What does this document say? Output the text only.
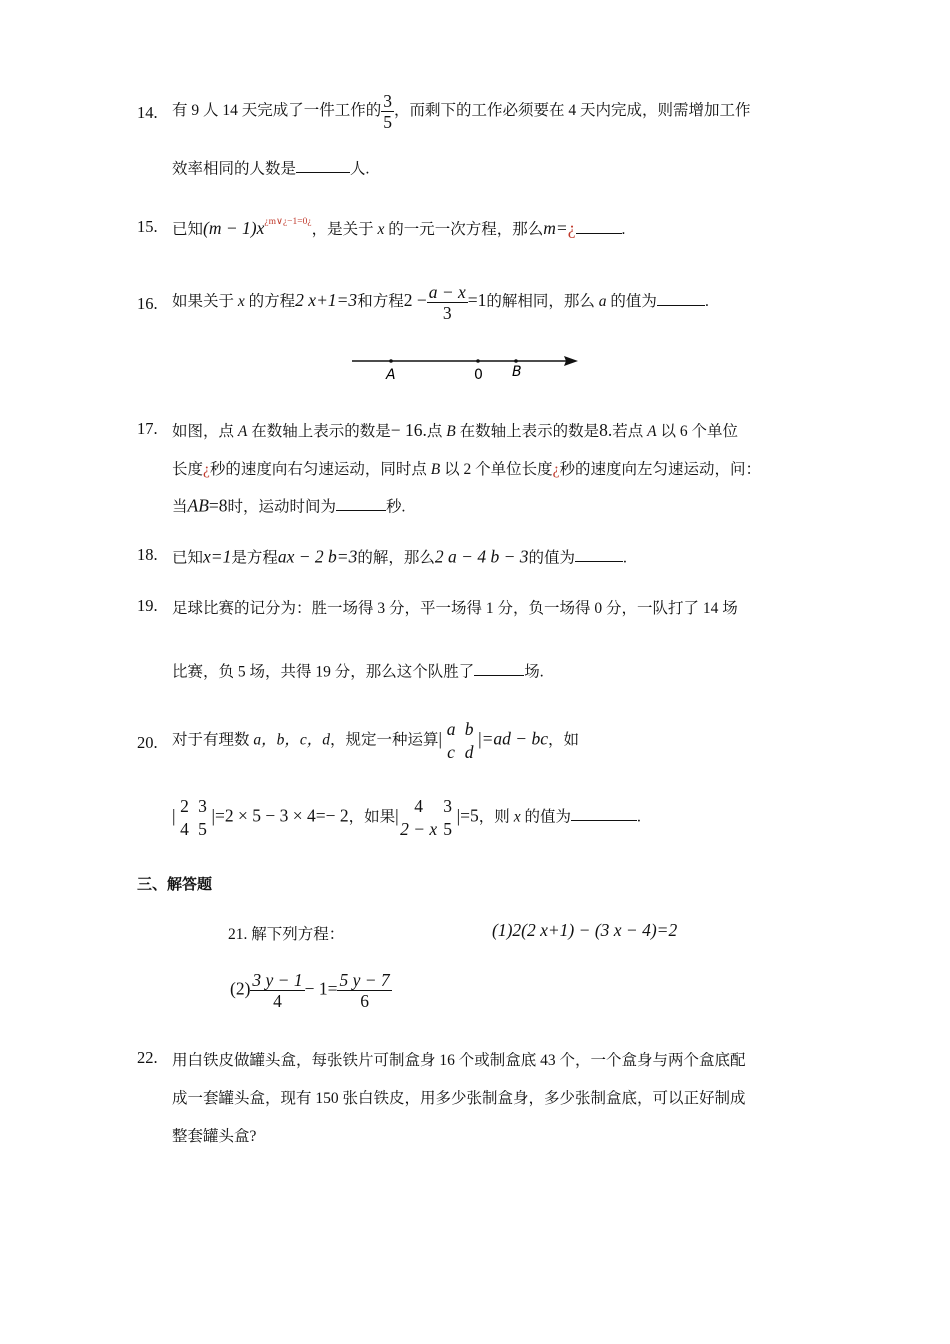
14. 有 9 人 14 天完成了一件工作的 $\frac{3}{5}$ ，而剩下的工作必须要在 4 天内完成，则需增加工作
效率相同的人数是	人.
15. 已知$(m - 1)x^{¿m\vee¿-1=0¿}$，是关于 x 的一元一次方程，那么m=¿	.
16. 如果关于 x 的方程2 x+1=3和方程$2 - \frac{a - x}{3} =1$的解相同，那么 a 的值为	.
A	0 B
17. 如图，点 A 在数轴上表示的数是− 16.点 B 在数轴上表示的数是8.若点 A 以 6 个单位
长度¿秒的速度向右匀速运动，同时点 B 以 2 个单位长度¿秒的速度向左匀速运动，问：
当AB=8时，运动时间为	秒.
18. 已知x=1是方程ax − 2 b=3的解，那么2 a − 4 b − 3的值为	.
19. 足球比赛的记分为：胜一场得 3 分，平一场得 1 分，负一场得 0 分，一队打了 14 场
比赛，负 5 场，共得 19 分，那么这个队胜了	场.
20. 对于有理数 a，b，c，d，规定一种运算| a b
c d|=ad − bc，如
| 2 3
4 5|=2 × 5 − 3 × 4=− 2，如果| 4 3
2 − x 5|=5，则 x 的值为	.
三、解答题
21. 解下列方程：	(1)2(2 x+1) − (3 x − 4)=2
$(2) \frac{3 y - 1}{4} - 1= \frac{5 y - 7}{6}$
22. 用白铁皮做罐头盒，每张铁片可制盒身 16 个或制盒底 43 个，一个盒身与两个盒底配
成一套罐头盒，现有 150 张白铁皮，用多少张制盒身，多少张制盒底，可以正好制成
整套罐头盒?
